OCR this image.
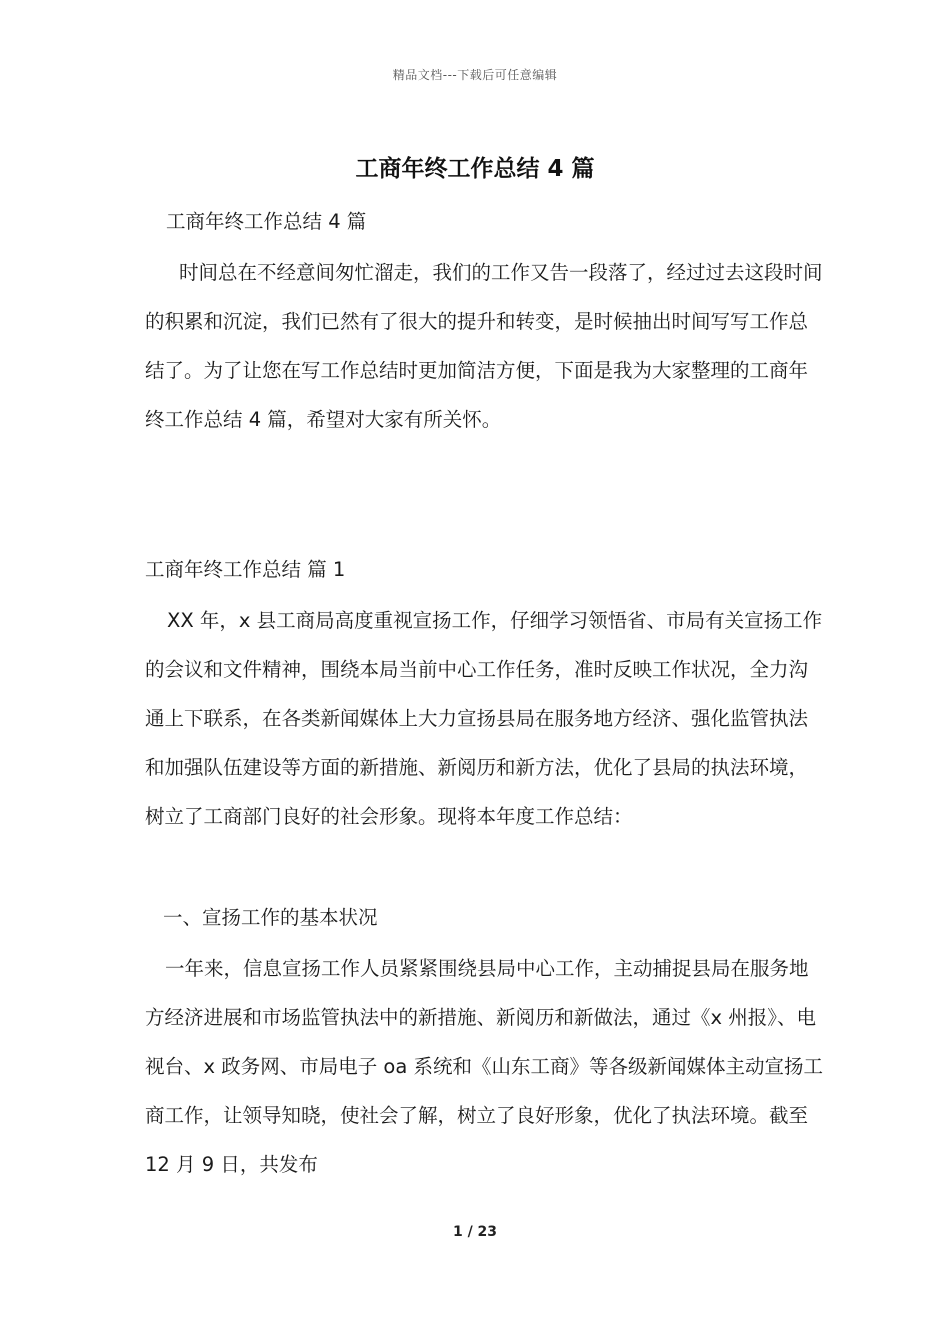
精品文档---下载后可任意编辑
工商年终工作总结 4 篇
工商年终工作总结 4 篇

时间总在不经意间匆忙溜走，我们的工作又告一段落了，经过过去这段时间的积累和沉淀，我们已然有了很大的提升和转变，是时候抽出时间写写工作总结了。为了让您在写工作总结时更加简洁方便，下面是我为大家整理的工商年终工作总结 4 篇，希望对大家有所关怀。

工商年终工作总结 篇 1

XX 年，x 县工商局高度重视宣扬工作，仔细学习领悟省、市局有关宣扬工作的会议和文件精神，围绕本局当前中心工作任务，准时反映工作状况，全力沟通上下联系，在各类新闻媒体上大力宣扬县局在服务地方经济、强化监管执法和加强队伍建设等方面的新措施、新阅历和新方法，优化了县局的执法环境，树立了工商部门良好的社会形象。现将本年度工作总结：

一、宣扬工作的基本状况

一年来，信息宣扬工作人员紧紧围绕县局中心工作，主动捕捉县局在服务地方经济进展和市场监管执法中的新措施、新阅历和新做法，通过《x 州报》、电视台、x 政务网、市局电子 oa 系统和《山东工商》等各级新闻媒体主动宣扬工商工作，让领导知晓，使社会了解，树立了良好形象，优化了执法环境。截至 12 月 9 日，共发布

1 / 23
